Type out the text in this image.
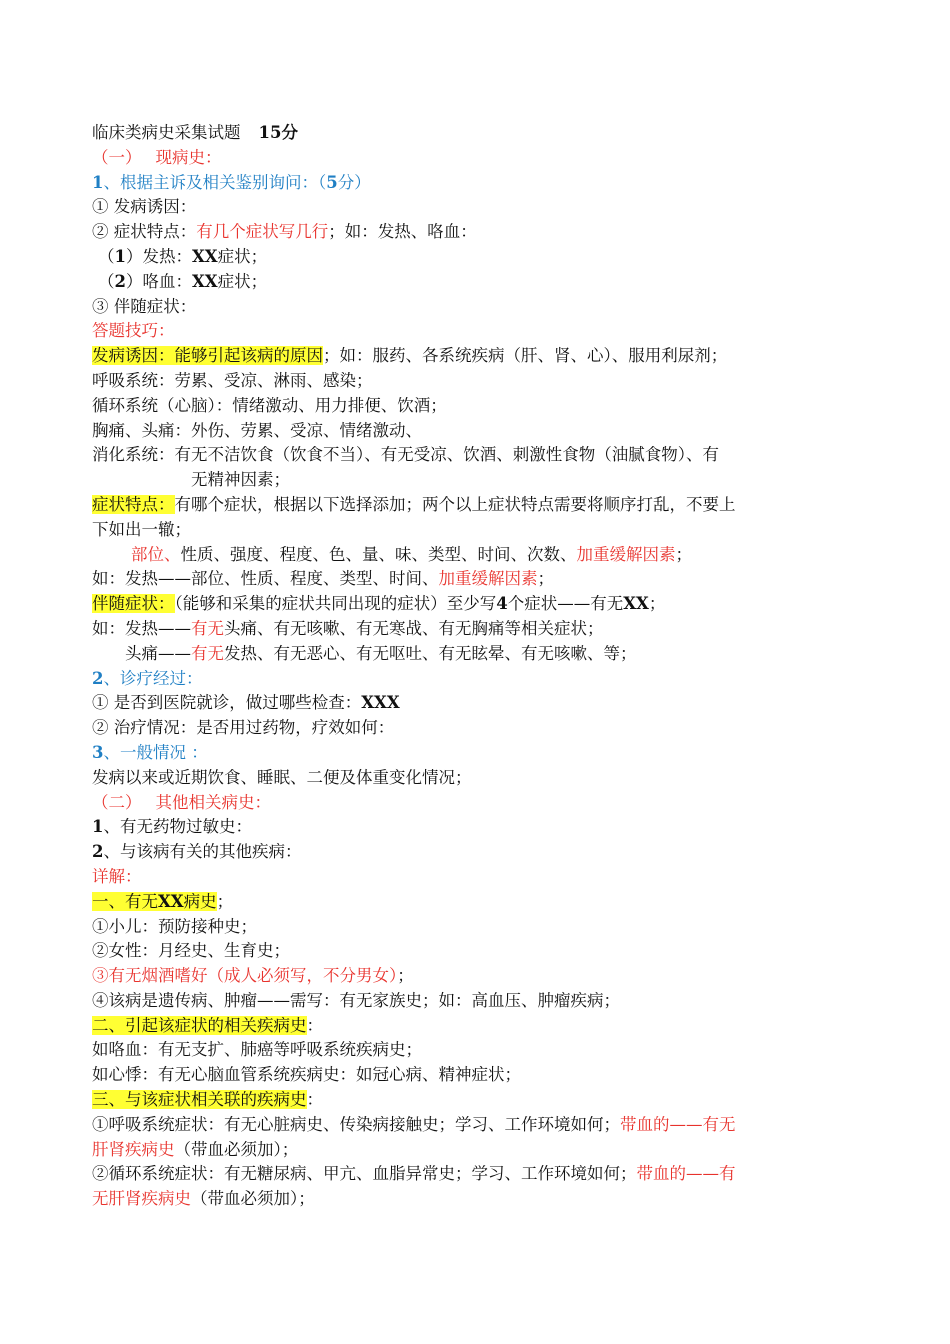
临床类病史采集试题 15分
（一） 现病史：
1、根据主诉及相关鉴别询问：（5分）
① 发病诱因：
② 症状特点：有几个症状写几行；如：发热、咯血：
（1）发热：XX症状；
（2）咯血：XX症状；
③ 伴随症状：
答题技巧：
发病诱因：能够引起该病的原因；如：服药、各系统疾病（肝、肾、心）、服用利尿剂；
呼吸系统：劳累、受凉、淋雨、感染；
循环系统（心脑）：情绪激动、用力排便、饮酒；
胸痛、头痛：外伤、劳累、受凉、情绪激动、
消化系统：有无不洁饮食（饮食不当）、有无受凉、饮酒、刺激性食物（油腻食物）、有
无精神因素；
症状特点：有哪个症状，根据以下选择添加；两个以上症状特点需要将顺序打乱，不要上
下如出一辙；
部位、性质、强度、程度、色、量、味、类型、时间、次数、加重缓解因素；
如：发热——部位、性质、程度、类型、时间、加重缓解因素；
伴随症状：（能够和采集的症状共同出现的症状）至少写4个症状——有无XX；
如：发热——有无头痛、有无咳嗽、有无寒战、有无胸痛等相关症状；
头痛——有无发热、有无恶心、有无呕吐、有无眩晕、有无咳嗽、等；
2、诊疗经过：
① 是否到医院就诊，做过哪些检查：XXX
② 治疗情况：是否用过药物，疗效如何：
3、一般情况 ：
发病以来或近期饮食、睡眠、二便及体重变化情况；
（二） 其他相关病史：
1、有无药物过敏史：
2、与该病有关的其他疾病：
详解：
一、有无XX病史；
①小儿：预防接种史；
②女性：月经史、生育史；
③有无烟酒嗜好（成人必须写，不分男女）；
④该病是遗传病、肿瘤——需写：有无家族史；如：高血压、肿瘤疾病；
二、引起该症状的相关疾病史：
如咯血：有无支扩、肺癌等呼吸系统疾病史；
如心悸：有无心脑血管系统疾病史：如冠心病、精神症状；
三、与该症状相关联的疾病史：
①呼吸系统症状：有无心脏病史、传染病接触史；学习、工作环境如何；带血的——有无
肝肾疾病史（带血必须加）；
②循环系统症状：有无糖尿病、甲亢、血脂异常史；学习、工作环境如何；带血的——有
无肝肾疾病史（带血必须加）；
